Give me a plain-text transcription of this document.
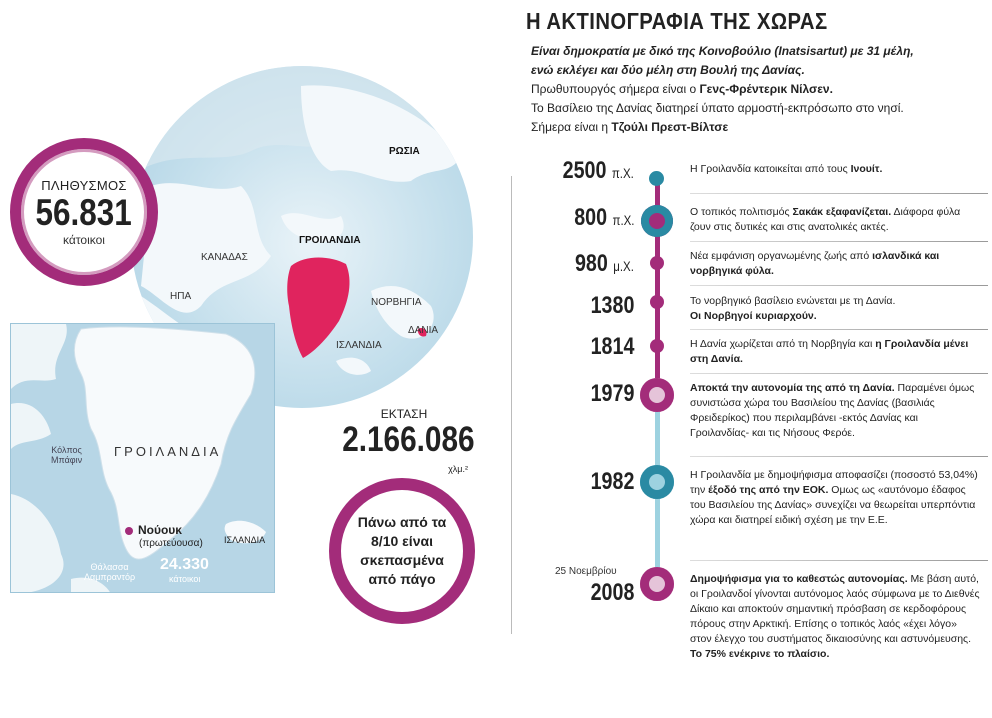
ΡΩΣΙΑ
ΓΡΟΙΛΑΝΔΙΑ
ΚΑΝΑΔΑΣ
ΗΠΑ
ΝΟΡΒΗΓΙΑ
ΔΑΝΙΑ
ΙΣΛΑΝΔΙΑ
ΠΛΗΘΥΣΜΟΣ
56.831
κάτοικοι
ΓΡΟΙΛΑΝΔΙΑ
Κόλπος
Μπάφιν
Νούουκ
(πρωτεύουσα)
24.330
κάτοικοι
ΙΣΛΑΝΔΙΑ
Θάλασσα
Λαμπραντόρ
ΕΚΤΑΣΗ
2.166.086
χλμ.²
Πάνω από τα 8/10 είναι σκεπασμένα από πάγο
Η ΑΚΤΙΝΟΓΡΑΦΙΑ ΤΗΣ ΧΩΡΑΣ
Είναι δημοκρατία με δικό της Κοινοβούλιο (Inatsisartut) με 31 μέλη,
ενώ εκλέγει και δύο μέλη στη Βουλή της Δανίας.
Πρωθυπουργός σήμερα είναι ο Γενς-Φρέντερικ Νίλσεν.
Το Βασίλειο της Δανίας διατηρεί ύπατο αρμοστή-εκπρόσωπο στο νησί.
Σήμερα είναι η Τζούλι Πρεστ-Βίλτσε
2500 π.Χ.
800 π.Χ.
980 μ.Χ.
1380
1814
1979
1982
25 Νοεμβρίου
2008
Η Γροιλανδία κατοικείται από τους Ινουίτ.
Ο τοπικός πολιτισμός Σακάκ εξαφανίζεται. Διάφορα φύλα ζουν στις δυτικές και στις ανατολικές ακτές.
Νέα εμφάνιση οργανωμένης ζωής από ισλανδικά και νορβηγικά φύλα.
Το νορβηγικό βασίλειο ενώνεται με τη Δανία.
Οι Νορβηγοί κυριαρχούν.
Η Δανία χωρίζεται από τη Νορβηγία και η Γροιλανδία μένει στη Δανία.
Αποκτά την αυτονομία της από τη Δανία. Παραμένει όμως συνιστώσα χώρα του Βασιλείου της Δανίας (βασιλιάς Φρειδερίκος) που περιλαμβάνει -εκτός Δανίας και Γροιλανδίας- και τις Νήσους Φερόε.
Η Γροιλανδία με δημοψήφισμα αποφασίζει (ποσοστό 53,04%) την έξοδό της από την ΕΟΚ. Ομως ως «αυτόνομο έδαφος του Βασιλείου της Δανίας» συνεχίζει να θεωρείται υπερπόντια χώρα και διατηρεί ειδική σχέση με την Ε.Ε.
Δημοψήφισμα για το καθεστώς αυτονομίας. Με βάση αυτό, οι Γροιλανδοί γίνονται αυτόνομος λαός σύμφωνα με το Διεθνές Δίκαιο και αποκτούν σημαντική πρόσβαση σε κερδοφόρους πόρους στην Αρκτική. Επίσης ο τοπικός λαός «έχει λόγο» στον έλεγχο του συστήματος δικαιοσύνης και αστυνόμευσης.
Το 75% ενέκρινε το πλαίσιο.
